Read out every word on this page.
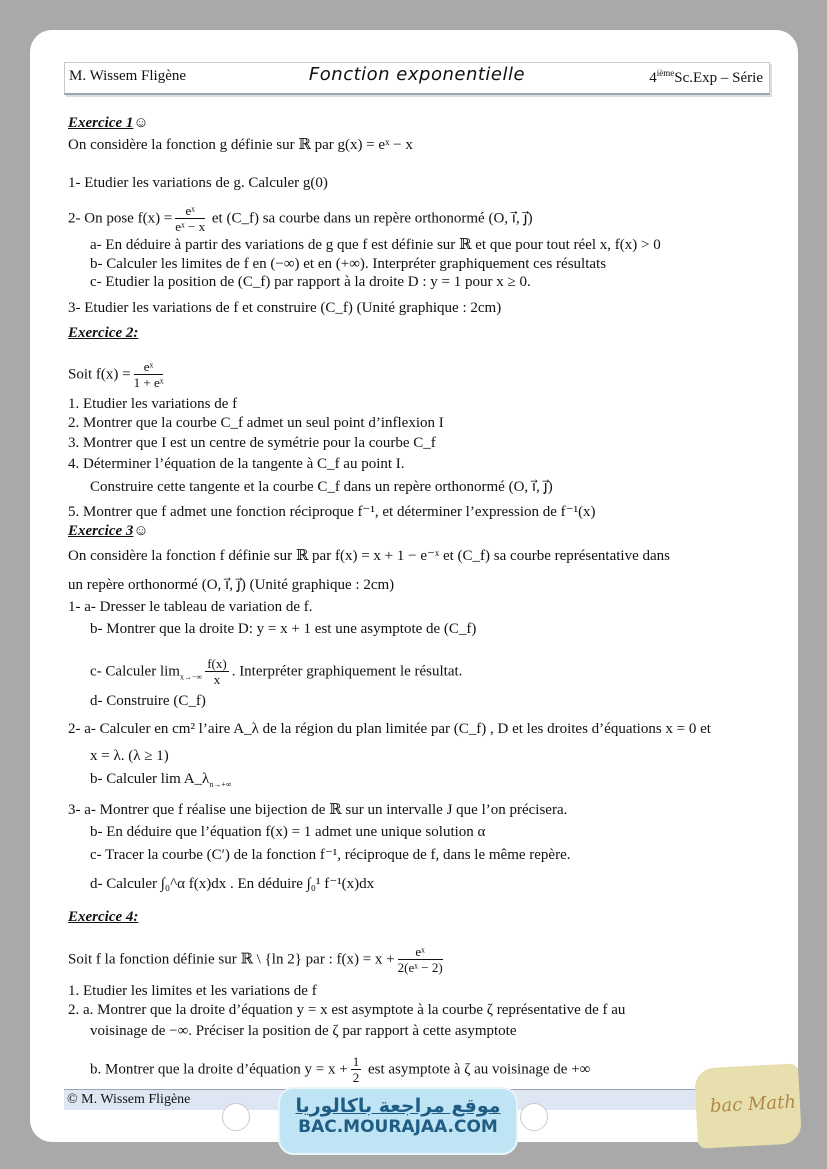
M. Wissem Fligène	Fonction exponentielle	4ièmeSc.Exp – Série
Exercice 1☺
On considère la fonction g définie sur ℝ par g(x) = eˣ − x
1- Etudier les variations de g. Calculer g(0)
2- On pose $f(x) = \frac{\text{eˣ}}{\text{eˣ − x}}$ et (C_f) sa courbe dans un repère orthonormé (O, i⃗, j⃗)
a- En déduire à partir des variations de g que f est définie sur ℝ et que pour tout réel x, f(x) > 0
b- Calculer les limites de f en (−∞) et en (+∞). Interpréter graphiquement ces résultats
c- Etudier la position de (C_f) par rapport à la droite D : y = 1 pour x ≥ 0.
3- Etudier les variations de f et construire (C_f) (Unité graphique : 2cm)
Exercice 2:
Soit $f(x) = \frac{\text{eˣ}}{\text{1 + eˣ}}$
1. Etudier les variations de f
2. Montrer que la courbe C_f admet un seul point d’inflexion I
3. Montrer que I est un centre de symétrie pour la courbe C_f
4. Déterminer l’équation de la tangente à C_f au point I.
Construire cette tangente et la courbe C_f dans un repère orthonormé (O, i⃗, j⃗)
5. Montrer que f admet une fonction réciproque f⁻¹, et déterminer l’expression de f⁻¹(x)
Exercice 3☺
On considère la fonction f définie sur ℝ par f(x) = x + 1 − e⁻ˣ et (C_f) sa courbe représentative dans
un repère orthonormé (O, i⃗, j⃗) (Unité graphique : 2cm)
1- a- Dresser le tableau de variation de f.
b- Montrer que la droite D: y = x + 1 est une asymptote de (C_f)
c- Calculer $\lim_{x\to-\infty} \frac{f(x)}{x}$ . Interpréter graphiquement le résultat.
d- Construire (C_f)
2- a- Calculer en cm² l’aire A_λ de la région du plan limitée par (C_f) , D et les droites d’équations x = 0 et
x = λ. (λ ≥ 1)
b- Calculer $\lim A\_\lambda_{n\to+\infty}$
3- a- Montrer que f réalise une bijection de ℝ sur un intervalle J que l’on précisera.
b- En déduire que l’équation f(x) = 1 admet une unique solution α
c- Tracer la courbe (C′) de la fonction f⁻¹, réciproque de f, dans le même repère.
d- Calculer ∫₀^α f(x)dx . En déduire ∫₀¹ f⁻¹(x)dx
Exercice 4:
Soit f la fonction définie sur ℝ \ {ln 2} par : $f(x) = x + \frac{\text{eˣ}}{\text{2(eˣ − 2)}}$
1. Etudier les limites et les variations de f
2. a. Montrer que la droite d’équation y = x est asymptote à la courbe ζ représentative de f au
voisinage de −∞. Préciser la position de ζ par rapport à cette asymptote
b. Montrer que la droite d’équation $y = x + \frac{1}{2}$ est asymptote à ζ au voisinage de +∞
© M. Wissem Fligène	موقع مراجعة باكالوريا
BAC.MOURAJAA.COM
bac Math
